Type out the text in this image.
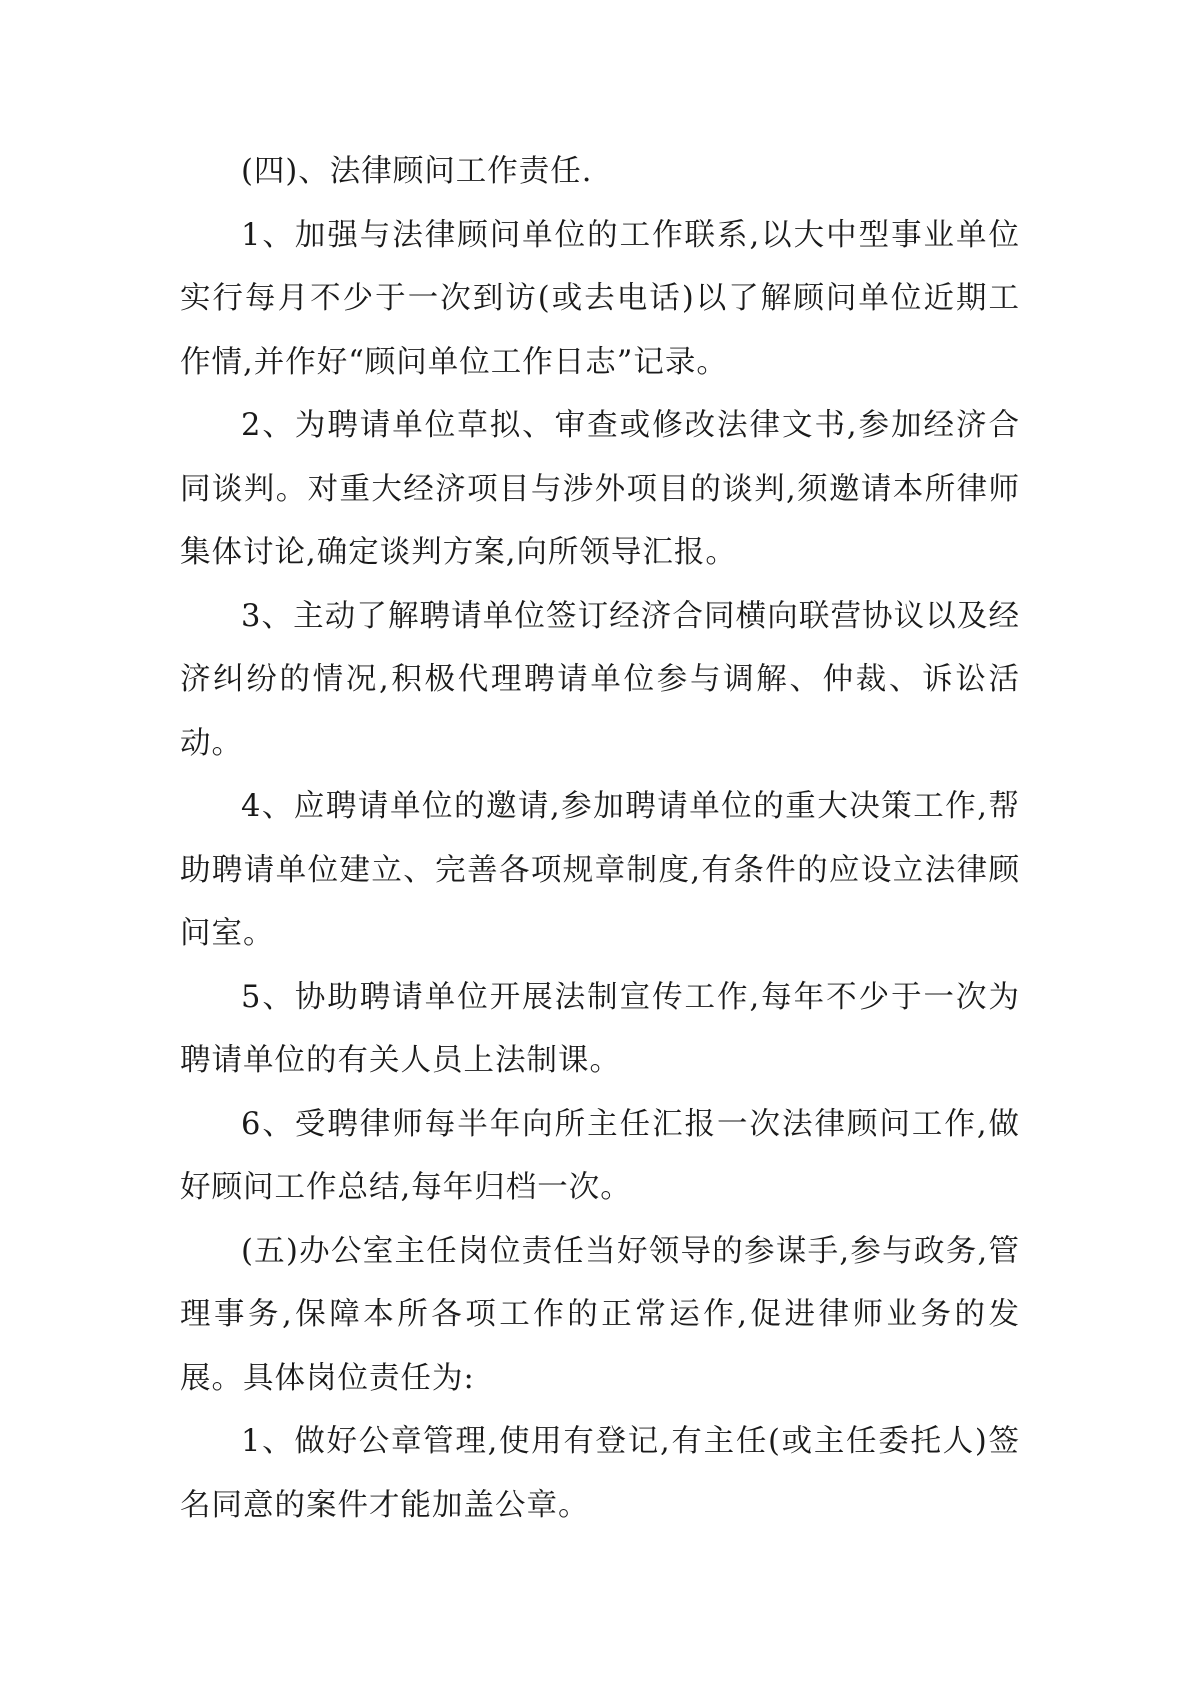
(四)、法律顾问工作责任.

1、加强与法律顾问单位的工作联系,以大中型事业单位实行每月不少于一次到访(或去电话)以了解顾问单位近期工作情,并作好“顾问单位工作日志”记录。

2、为聘请单位草拟、审查或修改法律文书,参加经济合同谈判。对重大经济项目与涉外项目的谈判,须邀请本所律师集体讨论,确定谈判方案,向所领导汇报。

3、主动了解聘请单位签订经济合同横向联营协议以及经济纠纷的情况,积极代理聘请单位参与调解、仲裁、诉讼活动。

4、应聘请单位的邀请,参加聘请单位的重大决策工作,帮助聘请单位建立、完善各项规章制度,有条件的应设立法律顾问室。

5、协助聘请单位开展法制宣传工作,每年不少于一次为聘请单位的有关人员上法制课。

6、受聘律师每半年向所主任汇报一次法律顾问工作,做好顾问工作总结,每年归档一次。

(五)办公室主任岗位责任当好领导的参谋手,参与政务,管理事务,保障本所各项工作的正常运作,促进律师业务的发展。具体岗位责任为:

1、做好公章管理,使用有登记,有主任(或主任委托人)签名同意的案件才能加盖公章。
